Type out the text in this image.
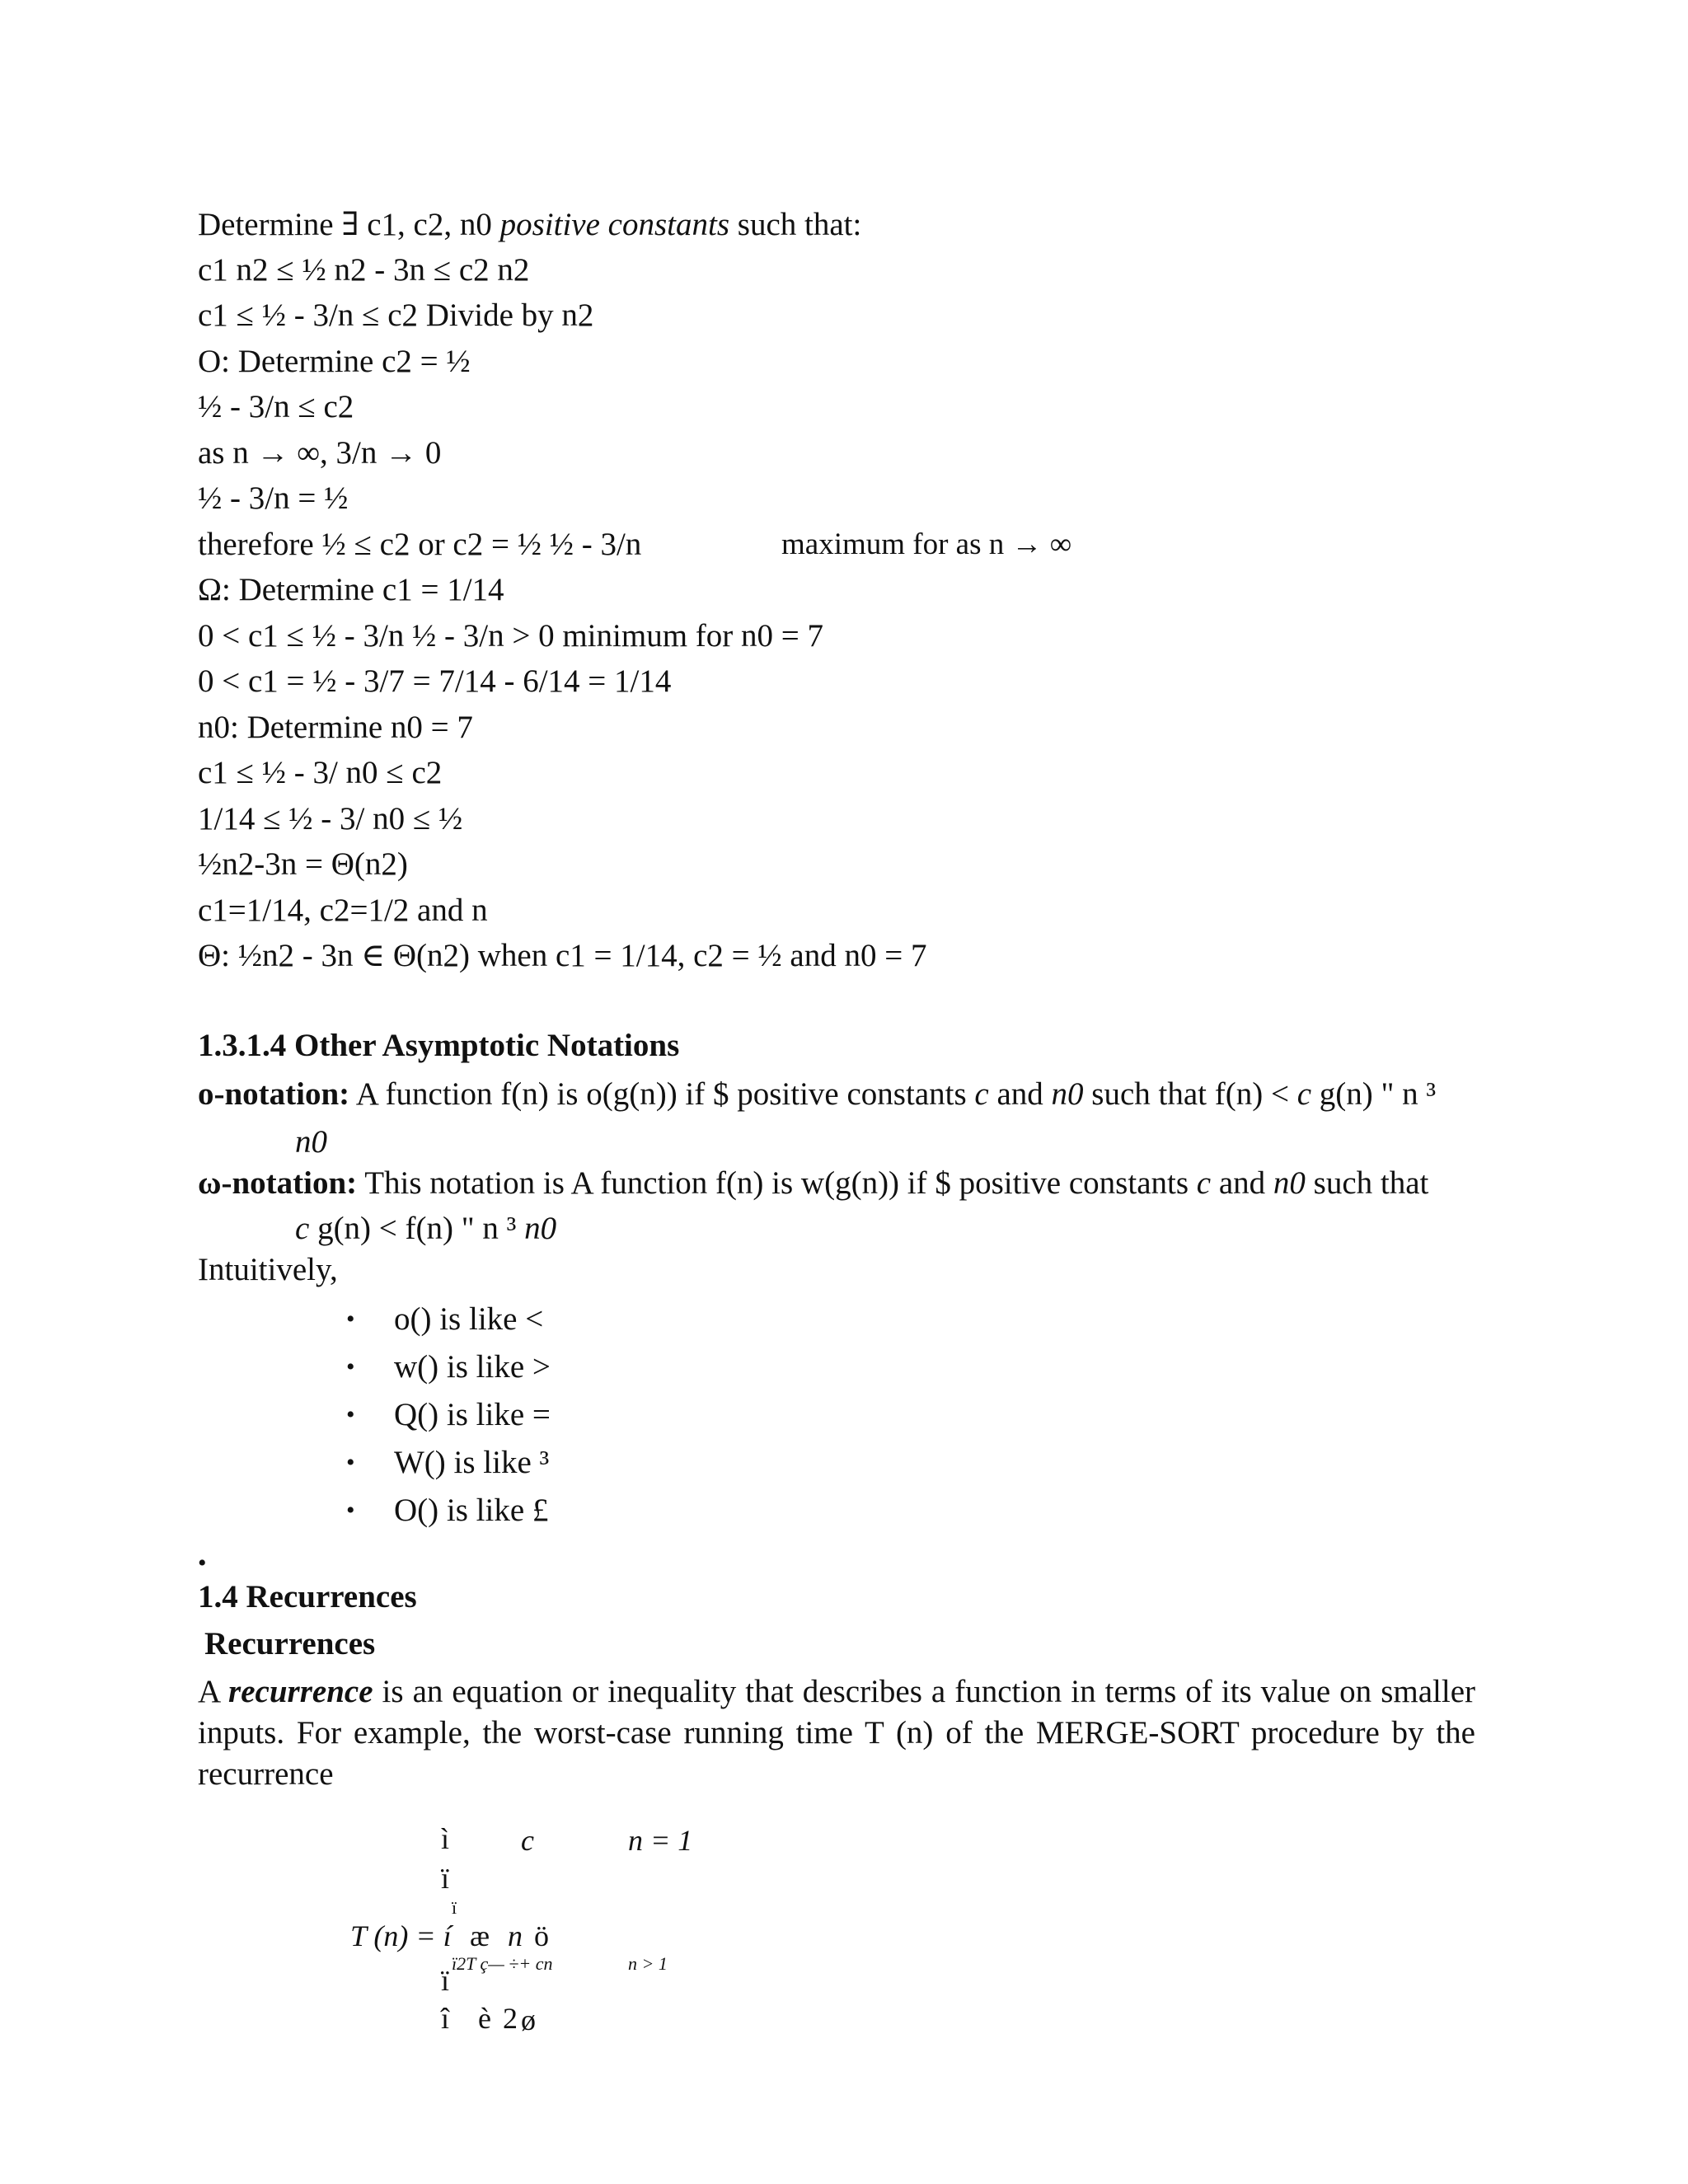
Determine ∃ c1, c2, n0 positive constants such that:
c1 n2 ≤ ½ n2 - 3n ≤ c2 n2
c1 ≤ ½ - 3/n ≤ c2 Divide by n2
O: Determine c2 = ½
½ - 3/n ≤ c2
as n → ∞, 3/n → 0
½ - 3/n = ½
therefore ½ ≤ c2 or c2 = ½ ½ - 3/n	maximum for as n → ∞
Ω: Determine c1 = 1/14
0 < c1 ≤ ½ - 3/n ½ - 3/n > 0 minimum for n0 = 7
0 < c1 = ½ - 3/7 = 7/14 - 6/14 = 1/14
n0: Determine n0 = 7
c1 ≤ ½ - 3/ n0 ≤ c2
1/14 ≤ ½ - 3/ n0 ≤ ½
½n2-3n = Θ(n2)
c1=1/14, c2=1/2 and n
Θ: ½n2 - 3n ∈ Θ(n2) when c1 = 1/14, c2 = ½ and n0 = 7
1.3.1.4 Other Asymptotic Notations
o-notation: A function f(n) is o(g(n)) if $ positive constants c and n0 such that f(n) < c g(n) " n ³
n0
ω-notation: This notation is A function f(n) is w(g(n)) if $ positive constants c and n0 such that
c g(n) < f(n) " n ³ n0
Intuitively,
• o() is like <
• w() is like >
• Q() is like =
• W() is like ³
• O() is like £
•
1.4 Recurrences
Recurrences
A recurrence is an equation or inequality that describes a function in terms of its value on smaller inputs. For example, the worst-case running time T (n) of the MERGE-SORT procedure by the recurrence
ì c	n = 1
ï
ï
T (n) = í æ n ö
ï2T ç— ÷+ cn	n > 1
ï
î è 2 ø
